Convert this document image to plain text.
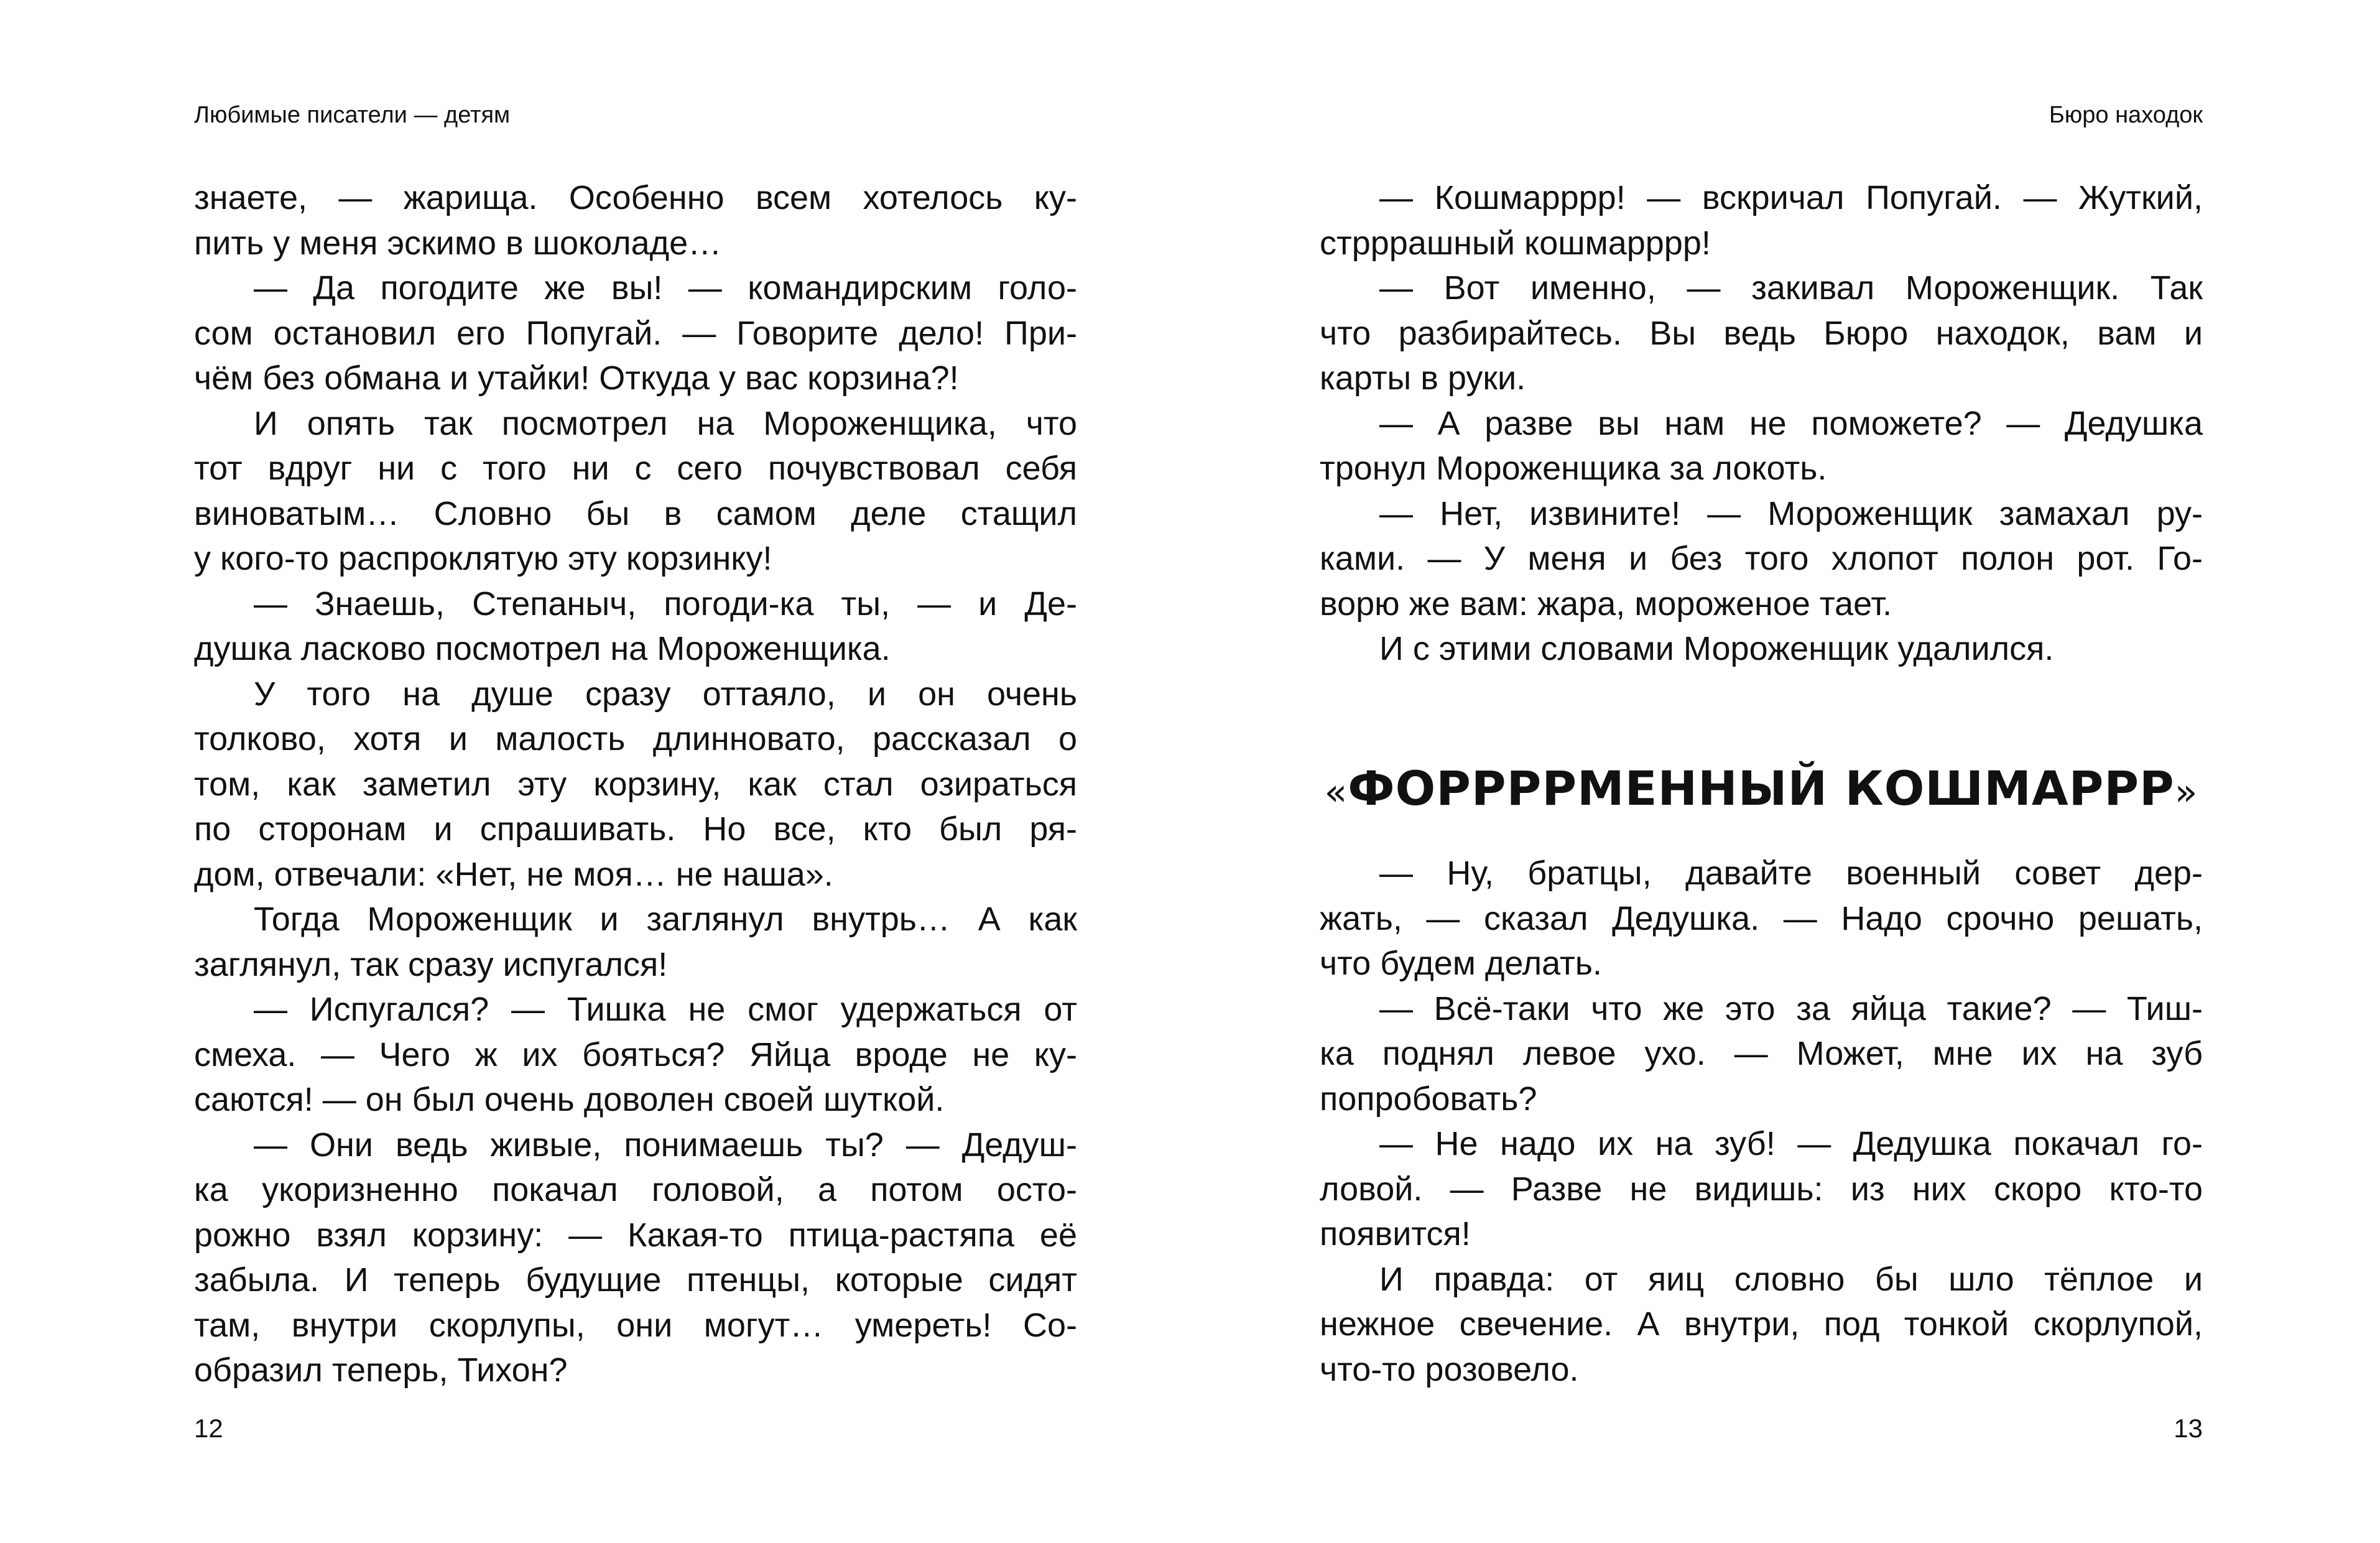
Любимые писатели — детям
знаете, — жарища. Особенно всем хотелось ку-
пить у меня эскимо в шоколаде…
— Да погодите же вы! — командирским голо-
сом остановил его Попугай. — Говорите дело! При-
чём без обмана и утайки! Откуда у вас корзина?!
И опять так посмотрел на Мороженщика, что
тот вдруг ни с того ни с сего почувствовал себя
виноватым… Словно бы в самом деле стащил
у кого-то распроклятую эту корзинку!
— Знаешь, Степаныч, погоди-ка ты, — и Де-
душка ласково посмотрел на Мороженщика.
У того на душе сразу оттаяло, и он очень
толково, хотя и малость длинновато, рассказал о
том, как заметил эту корзину, как стал озираться
по сторонам и спрашивать. Но все, кто был ря-
дом, отвечали: «Нет, не моя… не наша».
Тогда Мороженщик и заглянул внутрь… А как
заглянул, так сразу испугался!
— Испугался? — Тишка не смог удержаться от
смеха. — Чего ж их бояться? Яйца вроде не ку-
саются! — он был очень доволен своей шуткой.
— Они ведь живые, понимаешь ты? — Дедуш-
ка укоризненно покачал головой, а потом осто-
рожно взял корзину: — Какая-то птица-растяпа её
забыла. И теперь будущие птенцы, которые сидят
там, внутри скорлупы, они могут… умереть! Со-
образил теперь, Тихон?
12
Бюро находок
— Кошмарррр! — вскричал Попугай. — Жуткий,
стрррашный кошмарррр!
— Вот именно, — закивал Мороженщик. Так
что разбирайтесь. Вы ведь Бюро находок, вам и
карты в руки.
— А разве вы нам не поможете? — Дедушка
тронул Мороженщика за локоть.
— Нет, извините! — Мороженщик замахал ру-
ками. — У меня и без того хлопот полон рот. Го-
ворю же вам: жара, мороженое тает.
И с этими словами Мороженщик удалился.
«ФОРРРРМЕННЫЙ КОШМАРРР»
— Ну, братцы, давайте военный совет дер-
жать, — сказал Дедушка. — Надо срочно решать,
что будем делать.
— Всё-таки что же это за яйца такие? — Тиш-
ка поднял левое ухо. — Может, мне их на зуб
попробовать?
— Не надо их на зуб! — Дедушка покачал го-
ловой. — Разве не видишь: из них скоро кто-то
появится!
И правда: от яиц словно бы шло тёплое и
нежное свечение. А внутри, под тонкой скорлупой,
что-то розовело.
13
